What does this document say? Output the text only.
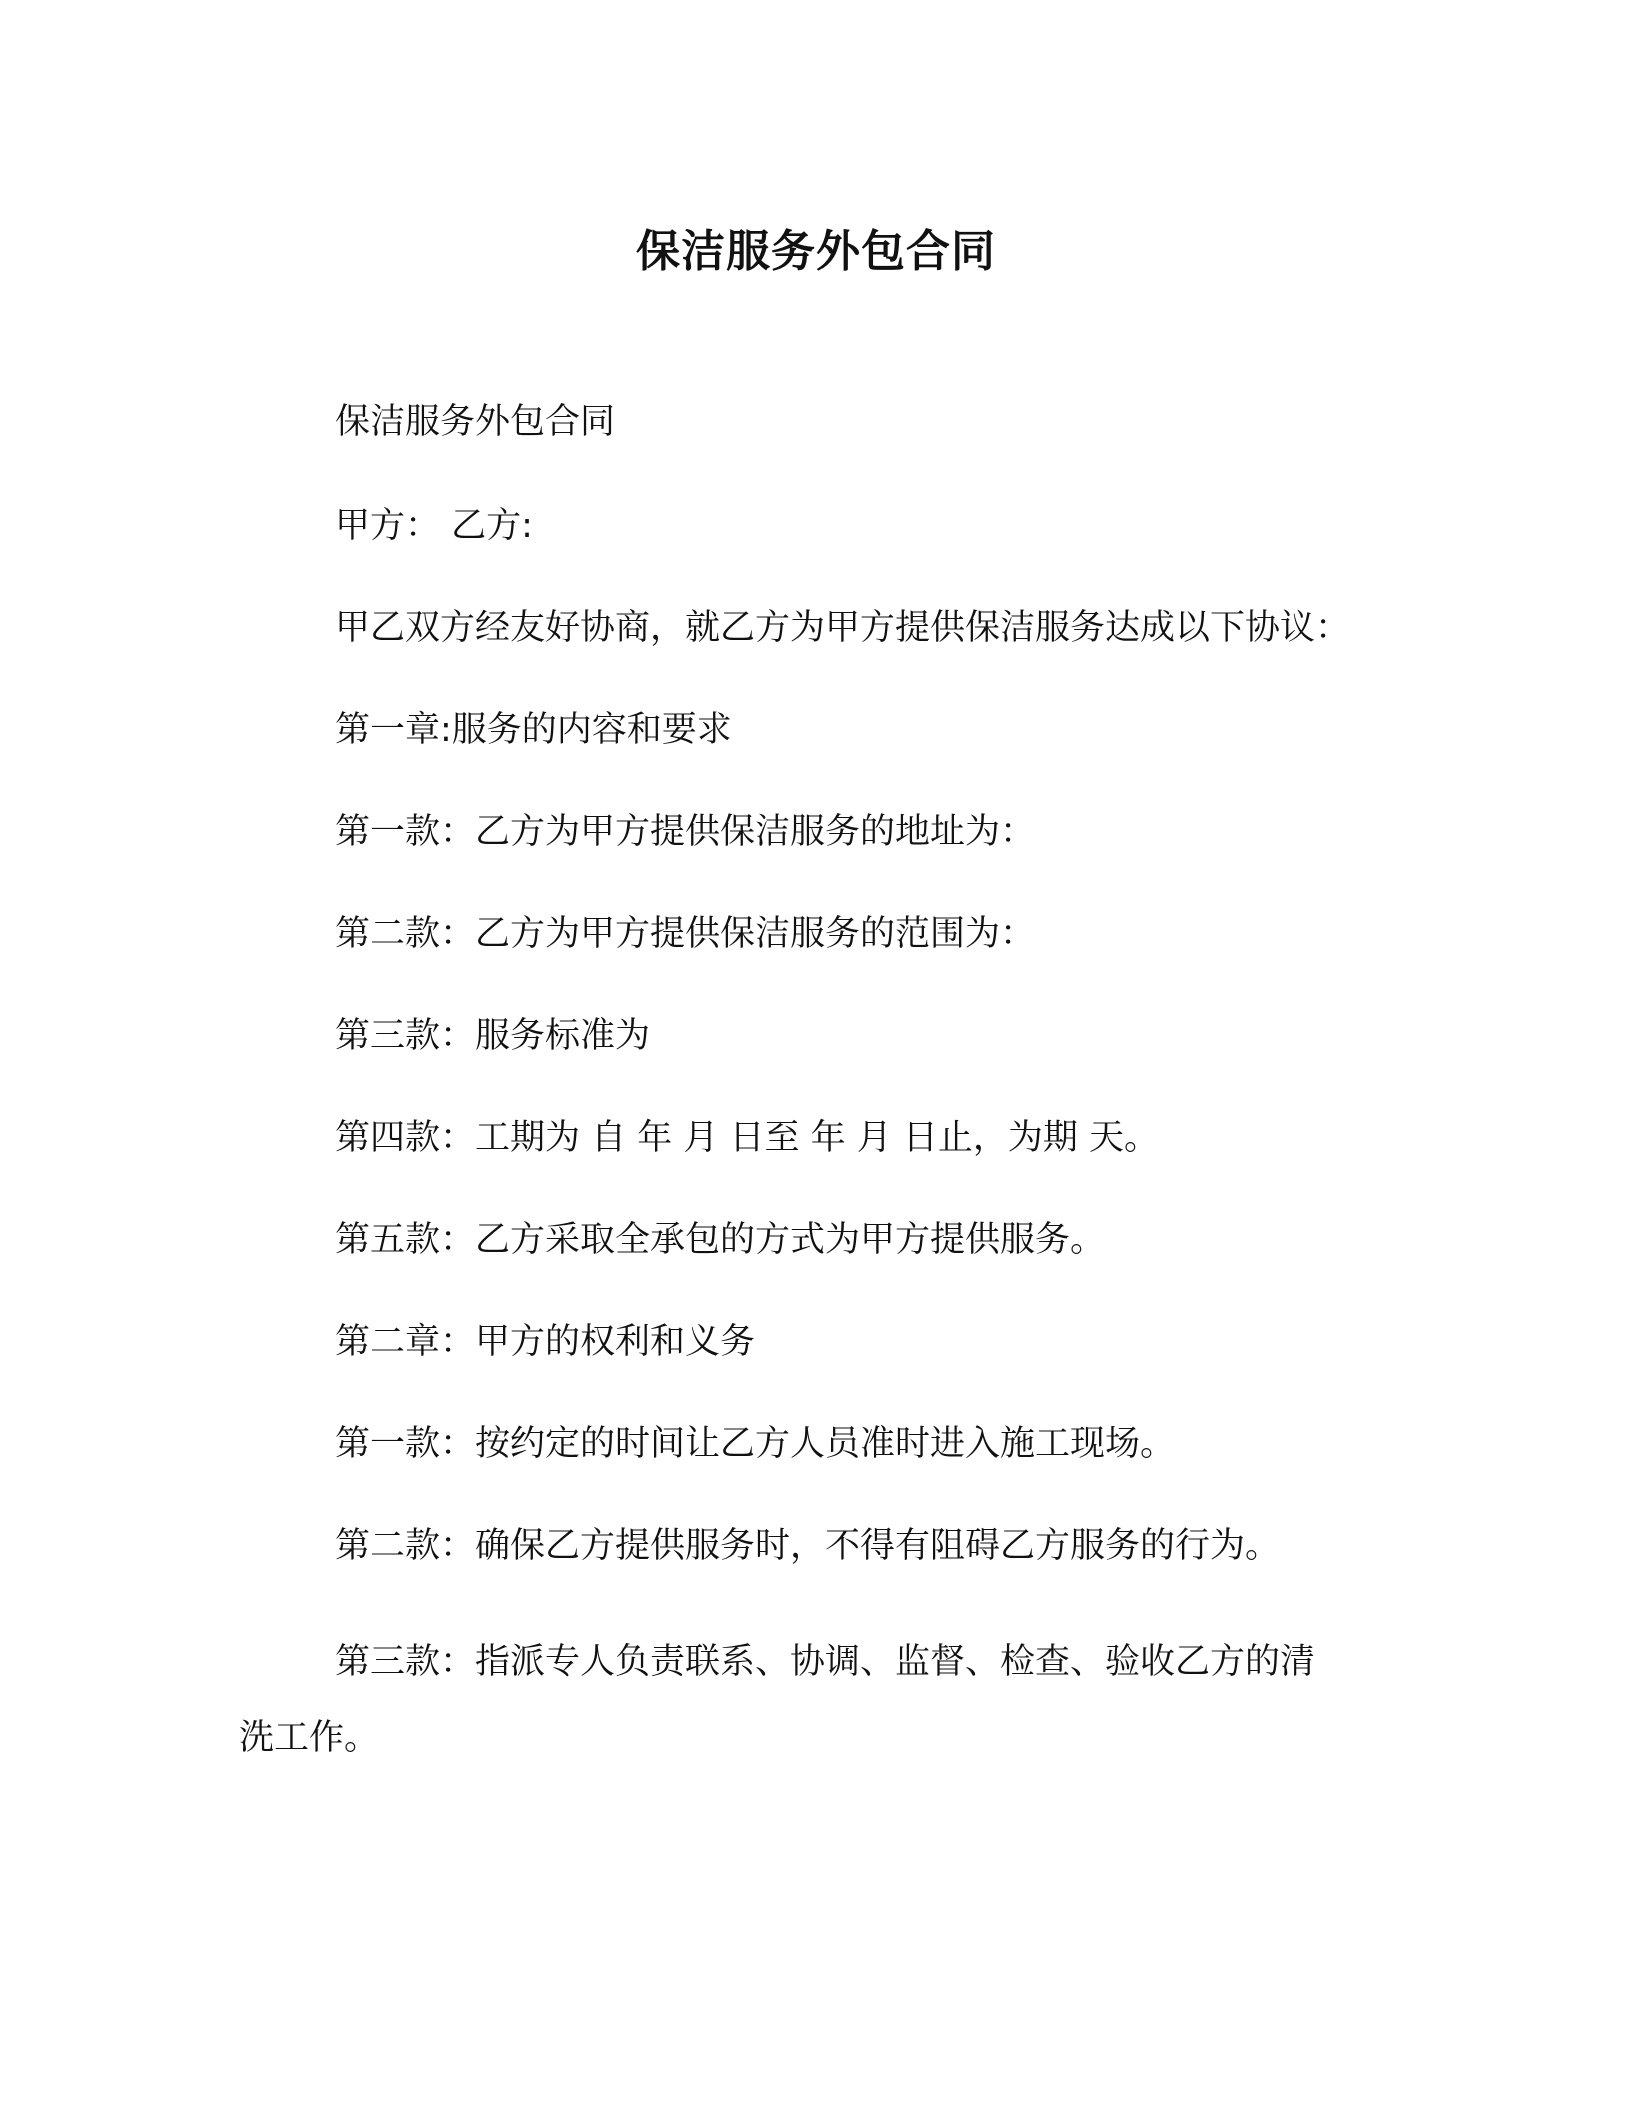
保洁服务外包合同
保洁服务外包合同
甲方： 乙方:
甲乙双方经友好协商，就乙方为甲方提供保洁服务达成以下协议：
第一章:服务的内容和要求
第一款：乙方为甲方提供保洁服务的地址为：
第二款：乙方为甲方提供保洁服务的范围为：
第三款：服务标准为
第四款：工期为 自 年 月 日至 年 月 日止，为期 天。
第五款：乙方采取全承包的方式为甲方提供服务。
第二章：甲方的权利和义务
第一款：按约定的时间让乙方人员准时进入施工现场。
第二款：确保乙方提供服务时，不得有阻碍乙方服务的行为。
第三款：指派专人负责联系、协调、监督、检查、验收乙方的清
洗工作。
